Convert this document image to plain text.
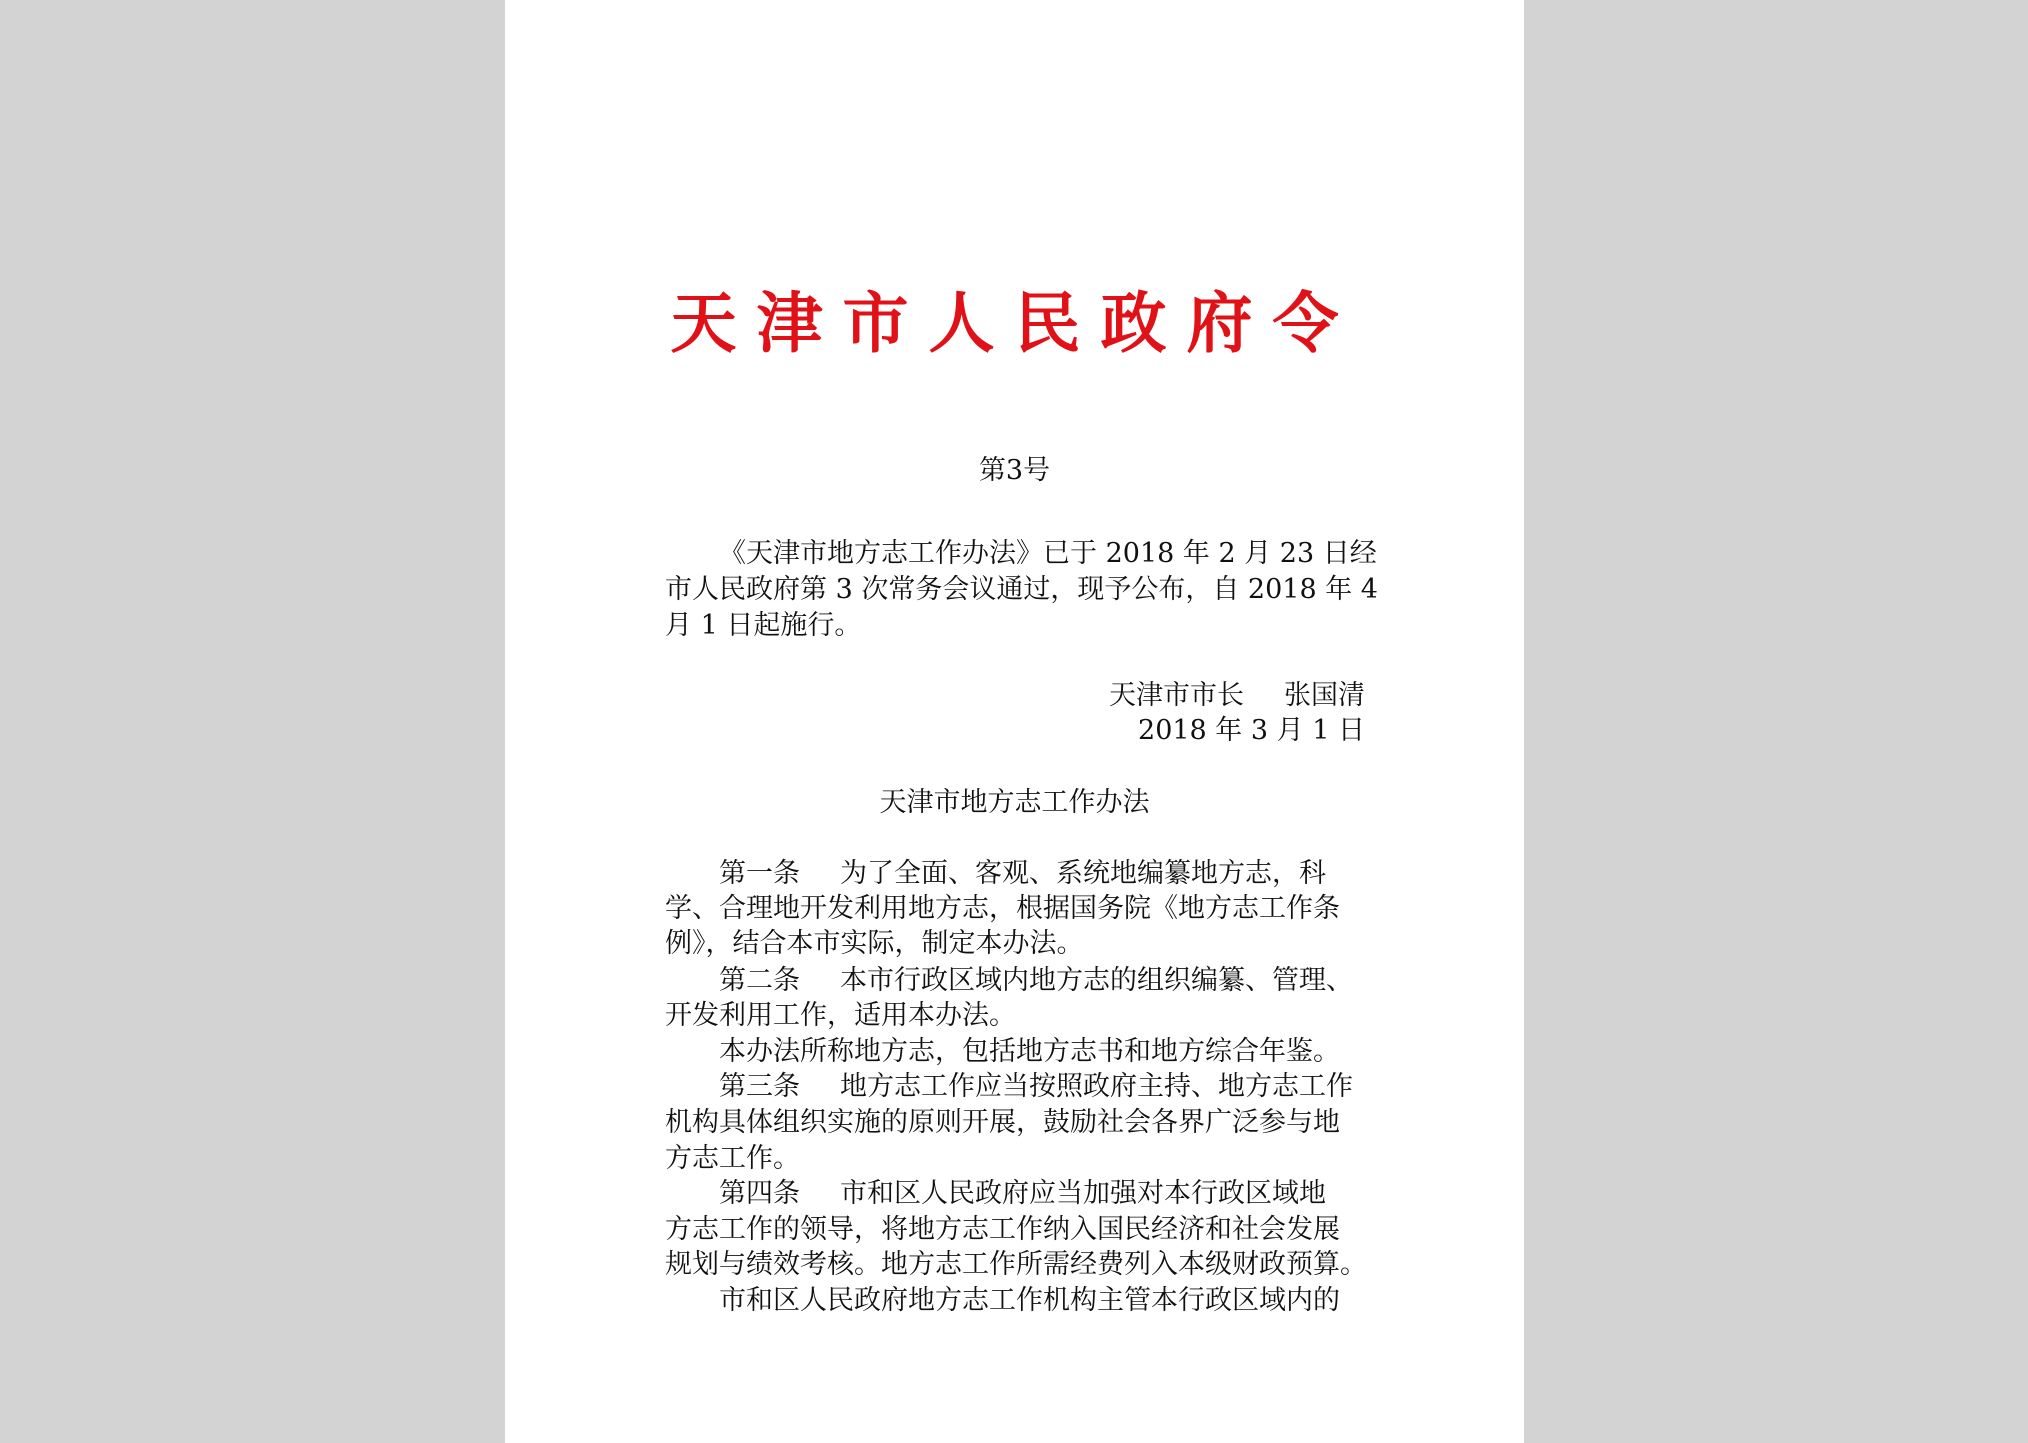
天津市人民政府令
第3号
《天津市地方志工作办法》已于 2018 年 2 月 23 日经
市人民政府第 3 次常务会议通过，现予公布，自 2018 年 4
月 1 日起施行。
天津市市长 张国清
2018 年 3 月 1 日
天津市地方志工作办法
第一条 为了全面、客观、系统地编纂地方志，科
学、合理地开发利用地方志，根据国务院《地方志工作条
例》，结合本市实际，制定本办法。
第二条 本市行政区域内地方志的组织编纂、管理、
开发利用工作，适用本办法。
本办法所称地方志，包括地方志书和地方综合年鉴。
第三条 地方志工作应当按照政府主持、地方志工作
机构具体组织实施的原则开展，鼓励社会各界广泛参与地
方志工作。
第四条 市和区人民政府应当加强对本行政区域地
方志工作的领导，将地方志工作纳入国民经济和社会发展
规划与绩效考核。地方志工作所需经费列入本级财政预算。
市和区人民政府地方志工作机构主管本行政区域内的
